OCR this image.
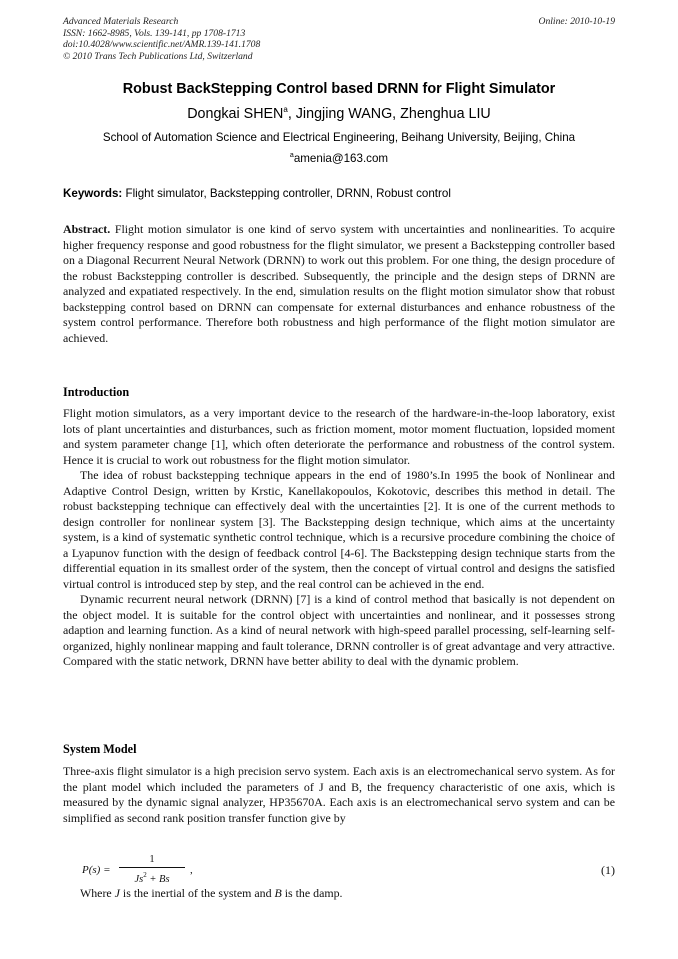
Advanced Materials Research
ISSN: 1662-8985, Vols. 139-141, pp 1708-1713
doi:10.4028/www.scientific.net/AMR.139-141.1708
© 2010 Trans Tech Publications Ltd, Switzerland
Online: 2010-10-19
Robust BackStepping Control based DRNN for Flight Simulator
Dongkai SHEN$^a$, Jingjing WANG, Zhenghua LIU
School of Automation Science and Electrical Engineering, Beihang University, Beijing, China
$^a$amenia@163.com
Keywords: Flight simulator, Backstepping controller, DRNN, Robust control

Abstract. Flight motion simulator is one kind of servo system with uncertainties and nonlinearities. To acquire higher frequency response and good robustness for the flight simulator, we present a Backstepping controller based on a Diagonal Recurrent Neural Network (DRNN) to work out this problem. For one thing, the design procedure of the robust Backstepping controller is described. Subsequently, the principle and the design steps of DRNN are analyzed and expatiated respectively. In the end, simulation results on the flight motion simulator show that robust backstepping control based on DRNN can compensate for external disturbances and enhance robustness of the system control performance. Therefore both robustness and high performance of the flight motion simulator are achieved.

Introduction

Flight motion simulators, as a very important device to the research of the hardware-in-the-loop laboratory, exist lots of plant uncertainties and disturbances, such as friction moment, motor moment fluctuation, lopsided moment and system parameter change [1], which often deteriorate the performance and robustness of the control system. Hence it is crucial to work out robustness for the flight motion simulator.

The idea of robust backstepping technique appears in the end of 1980’s.In 1995 the book of Nonlinear and Adaptive Control Design, written by Krstic, Kanellakopoulos, Kokotovic, describes this method in detail. The robust backstepping technique can effectively deal with the uncertainties [2]. It is one of the current methods to design controller for nonlinear system [3]. The Backstepping design technique, which aims at the uncertainty system, is a kind of systematic synthetic control technique, which is a recursive procedure combining the choice of a Lyapunov function with the design of feedback control [4-6]. The Backstepping design technique starts from the differential equation in its smallest order of the system, then the concept of virtual control and designs the satisfied virtual control is introduced step by step, and the real control can be achieved in the end.

Dynamic recurrent neural network (DRNN) [7] is a kind of control method that basically is not dependent on the object model. It is suitable for the control object with uncertainties and nonlinear, and it possesses strong adaption and learning function. As a kind of neural network with high-speed parallel processing, self-learning self-organized, highly nonlinear mapping and fault tolerance, DRNN controller is of great advantage and very attractive. Compared with the static network, DRNN have better ability to deal with the dynamic problem.

System Model

Three-axis flight simulator is a high precision servo system. Each axis is an electromechanical servo system. As for the plant model which included the parameters of J and B, the frequency characteristic of one axis, which is measured by the dynamic signal analyzer, HP35670A. Each axis is an electromechanical servo system and can be simplified as second rank position transfer function give by

P(s) =
1
$Js^2 + Bs$
,	(1)
Where J is the inertial of the system and B is the damp.
